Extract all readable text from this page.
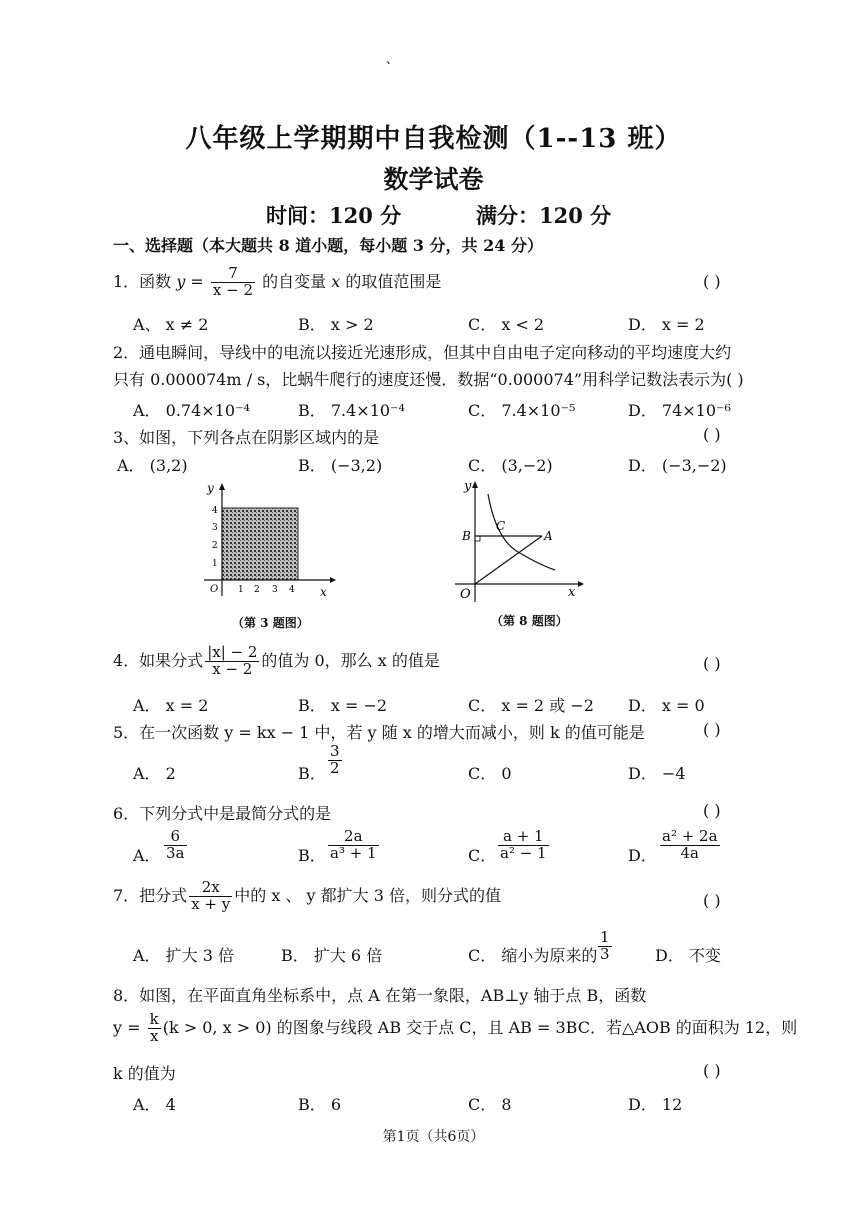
、
八年级上学期期中自我检测（1--13 班）
数学试卷
时间：120 分	满分：120 分
一、选择题（本大题共 8 道小题，每小题 3 分，共 24 分）
1．函数 $y = \frac{7}{x - 2}$ 的自变量 x 的取值范围是	( )
A、 x ≠ 2	B． x > 2	C． x < 2	D． x = 2
2．通电瞬间，导线中的电流以接近光速形成，但其中自由电子定向移动的平均速度大约
只有 0.000074m / s，比蜗牛爬行的速度还慢．数据“0.000074”用科学记数法表示为( )
A． 0.74×10⁻⁴	B． 7.4×10⁻⁴	C． 7.4×10⁻⁵	D． 74×10⁻⁶
3、如图，下列各点在阴影区域内的是	( )
A． (3,2)	B． (−3,2)	C． (3,−2)	D． (−3,−2)
y
x
O 1 2 3 4
1
2
3
4
（第 3 题图）
y
x
O
A
B
C
（第 8 题图）
4．如果分式 $\frac{|x| - 2}{x - 2}$ 的值为 0，那么 x 的值是	( )
A． x = 2	B． x = −2	C． x = 2 或 −2 D． x = 0
5．在一次函数 y = kx − 1 中，若 y 随 x 的增大而减小，则 k 的值可能是	( )
A． 2	B． $\frac{3}{2}$	C． 0	D． −4
6．下列分式中是最简分式的是	( )
A． $\frac{6}{3a}$	B． $\frac{2a}{\text{a³ + 1}}$	C． $\frac{a + 1}{\text{a² − 1}}$	D． $\frac{\text{a² + 2a}}{4a}$
7．把分式 $\frac{2x}{x + y}$ 中的 x 、 y 都扩大 3 倍，则分式的值	( )
A． 扩大 3 倍	B． 扩大 6 倍	C． 缩小为原来的 $\frac{1}{3}$	D． 不变
8．如图，在平面直角坐标系中，点 A 在第一象限，AB⊥y 轴于点 B，函数
$y = \frac{k}{x} (k > 0$, x > 0) 的图象与线段 AB 交于点 C，且 AB = 3BC．若△AOB 的面积为 12，则
k 的值为	( )
A． 4	B． 6	C． 8	D． 12
第1页（共6页）
